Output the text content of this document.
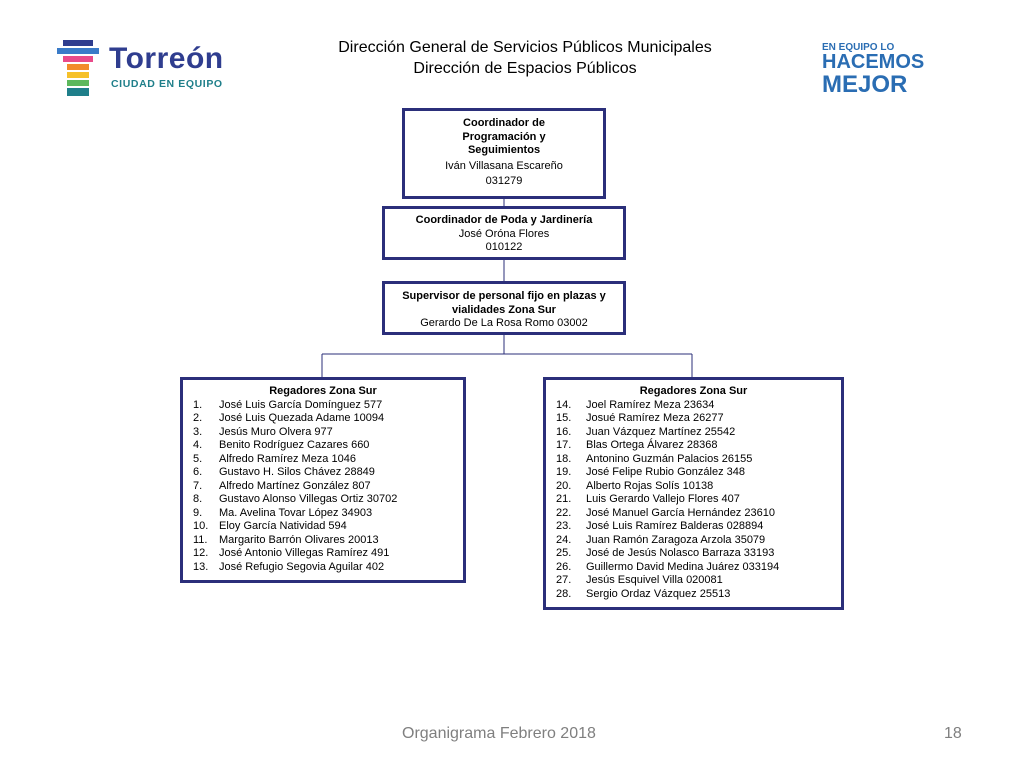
Torreón
CIUDAD EN EQUIPO
EN EQUIPO LO
HACEMOS
MEJOR
Dirección General de Servicios Públicos Municipales
Dirección de Espacios Públicos
Coordinador de
Programación y
Seguimientos
Iván Villasana Escareño
031279
Coordinador de Poda y Jardinería
José Oróna Flores
010122
Supervisor de personal fijo en plazas y
vialidades Zona Sur
Gerardo De La Rosa Romo 03002
Regadores Zona Sur
1.	José Luis García Domínguez 577
2.	José Luis Quezada Adame 10094
3.	Jesús Muro Olvera 977
4.	Benito Rodríguez Cazares 660
5.	Alfredo Ramírez Meza 1046
6.	Gustavo H. Silos Chávez 28849
7.	Alfredo Martínez González 807
8.	Gustavo Alonso Villegas Ortiz 30702
9.	Ma. Avelina Tovar López 34903
10. Eloy García Natividad 594
11.	Margarito Barrón Olivares 20013
12. José Antonio Villegas Ramírez 491
13. José Refugio Segovia Aguilar 402
Regadores Zona Sur
14.	Joel Ramírez Meza 23634
15.	Josué Ramírez Meza 26277
16.	Juan Vázquez Martínez 25542
17.	Blas Ortega Álvarez 28368
18.	Antonino Guzmán Palacios 26155
19.	José Felipe Rubio González 348
20.	Alberto Rojas Solís 10138
21.	Luis Gerardo Vallejo Flores 407
22.	José Manuel García Hernández 23610
23.	José Luis Ramírez Balderas 028894
24.	Juan Ramón Zaragoza Arzola 35079
25.	José de Jesús Nolasco Barraza 33193
26.	Guillermo David Medina Juárez 033194
27.	Jesús Esquivel Villa 020081
28.	Sergio Ordaz Vázquez 25513
Organigrama Febrero 2018	18
